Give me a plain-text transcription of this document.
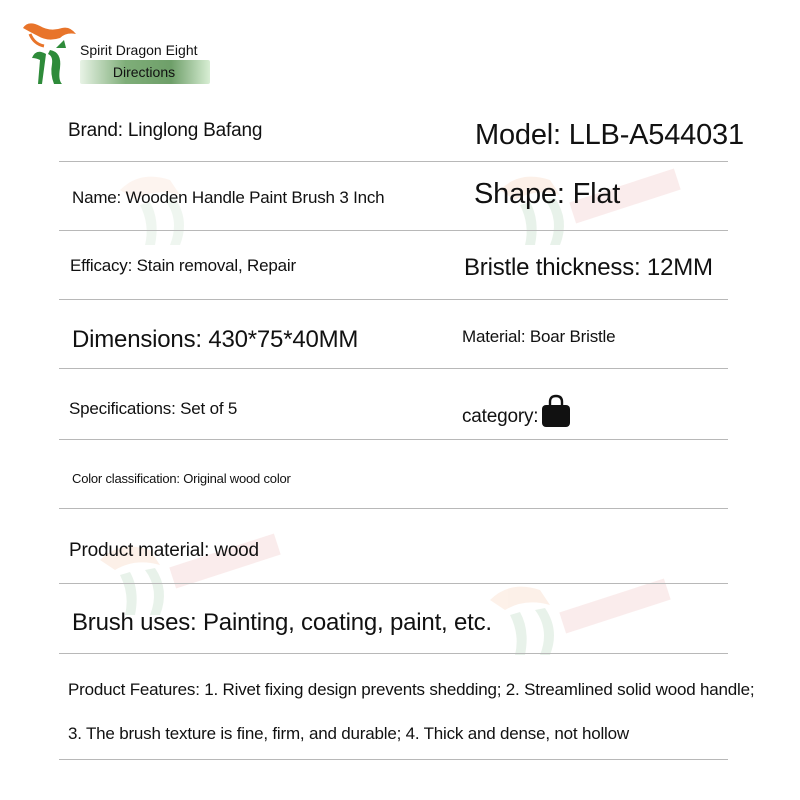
Spirit Dragon Eight
Directions
Brand: Linglong Bafang	Model: LLB-A544031
Name: Wooden Handle Paint Brush 3 Inch	Shape: Flat
Efficacy: Stain removal, Repair	Bristle thickness: 12MM
Dimensions: 430*75*40MM	Material: Boar Bristle
Specifications: Set of 5	category:
Color classification: Original wood color
Product material: wood
Brush uses: Painting, coating, paint, etc.
Product Features: 1. Rivet fixing design prevents shedding; 2. Streamlined solid wood handle;
3. The brush texture is fine, firm, and durable; 4. Thick and dense, not hollow
